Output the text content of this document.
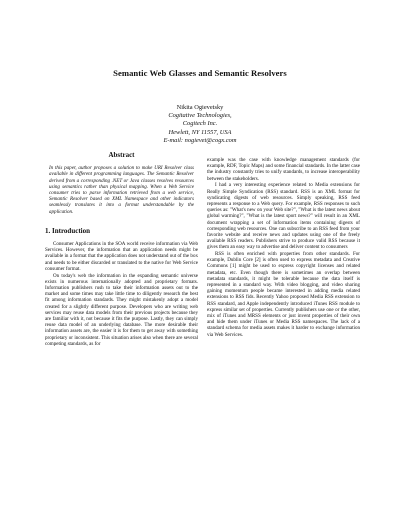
Semantic Web Glasses and Semantic Resolvers
Nikita Ogievetsky
Cogitative Technologies,
Cogitech Inc.
Hewlett, NY 11557, USA
E-mail: nogievet@cogx.com
Abstract

In this paper, author proposes a solution to make URI Resolver class available in different programming languages. The Semantic Resolver derived from a corresponding .NET or Java classes resolves resources using semantics rather than physical mapping. When a Web Service consumer tries to parse information retrieved from a web service, Semantic Resolver based on XML Namespace and other indicators seamlessly translates it into a format understandable by the application.

1. Introduction

Consumer Applications in the SOA world receive information via Web Services. However, the information that an application needs might be available in a format that the application does not understand out of the box and needs to be either discarded or translated to the native for Web Service consumer format.

On today's web the information in the expanding semantic universe exists in numerous internationally adopted and proprietary formats. Information publishers rush to take their information assets out to the market and some times may take little time to diligently research the best fit among information standards. They might mistakenly adopt a model created for a slightly different purpose. Developers who are writing web services may reuse data models from their previous projects because they are familiar with it, not because it fits the purpose. Lastly, they can simply reuse data model of an underlying database. The more desirable their information assets are, the easier it is for them to get away with something proprietary or inconsistent. This situation arises also when there are several competing standards, as for

example was the case with knowledge management standards (for example, RDF, Topic Maps) and some financial standards. In the latter case the industry constantly tries to unify standards, to increase interoperability between the stakeholders.

I had a very interesting experience related to Media extensions for Really Simple Syndication (RSS) standard. RSS is an XML format for syndicating digests of web resources. Simply speaking, RSS feed represents a response to a Web query. For example, RSS responses to such queries as: "What's new on your Web site?", "What is the latest news about global warming?", "What is the latest sport news?" will result in an XML document wrapping a set of information items containing digests of corresponding web resources. One can subscribe to an RSS feed from your favorite website and receive news and updates using one of the freely available RSS readers. Publishers strive to produce valid RSS because it gives them an easy way to advertise and deliver content to consumers

RSS is often enriched with properties from other standards. For example, Dublin Core [2] is often used to express metadata and Creative Commons [1] might be used to express copyright licenses and related metadata, etc. Even though there is sometimes an overlap between metadata standards, it might be tolerable because the data itself is represented in a standard way. With video blogging, and video sharing gaining momentum people became interested in adding media related extensions to RSS fids. Recently Yahoo proposed Media RSS extension to RSS standard, and Apple independently introduced iTunes RSS module to express similar set of properties. Currently publishers use one or the other, mix of iTunes and MRSS elements or just invent properties of their own and hide them under iTunes or Media RSS namespaces. The lack of a standard schema for media assets makes it harder to exchange information via Web Services.
